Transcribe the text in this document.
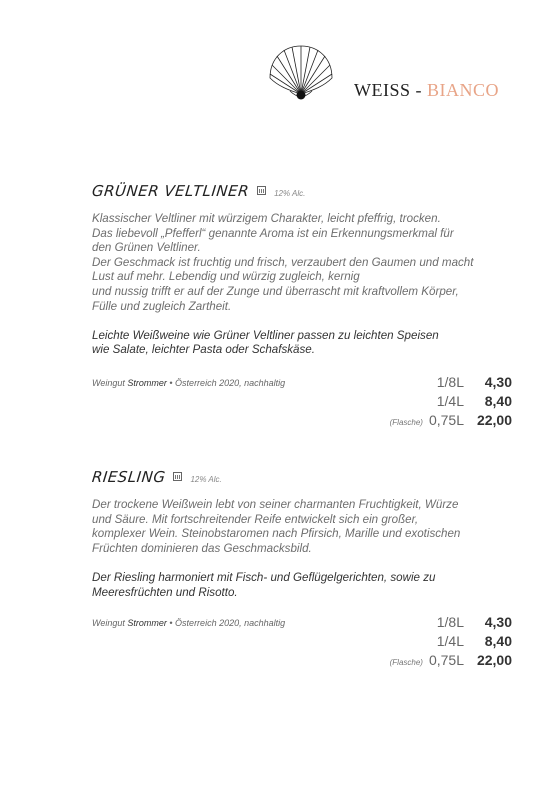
WEISS - BIANCO
GRÜNER VELTLINER	12% Alc.
Klassischer Veltliner mit würzigem Charakter, leicht pfeffrig, trocken.
Das liebevoll „Pfefferl“ genannte Aroma ist ein Erkennungsmerkmal für
den Grünen Veltliner.
Der Geschmack ist fruchtig und frisch, verzaubert den Gaumen und macht
Lust auf mehr. Lebendig und würzig zugleich, kernig
und nussig trifft er auf der Zunge und überrascht mit kraftvollem Körper,
Fülle und zugleich Zartheit.
Leichte Weißweine wie Grüner Veltliner passen zu leichten Speisen
wie Salate, leichter Pasta oder Schafskäse.
Weingut Strommer • Österreich 2020, nachhaltig	1/8L	4,30
1/4L	8,40
(Flasche) 0,75L 22,00
RIESLING	12% Alc.
Der trockene Weißwein lebt von seiner charmanten Fruchtigkeit, Würze
und Säure. Mit fortschreitender Reife entwickelt sich ein großer,
komplexer Wein. Steinobstaromen nach Pfirsich, Marille und exotischen
Früchten dominieren das Geschmacksbild.
Der Riesling harmoniert mit Fisch- und Geflügelgerichten, sowie zu
Meeresfrüchten und Risotto.
Weingut Strommer • Österreich 2020, nachhaltig	1/8L	4,30
1/4L	8,40
(Flasche) 0,75L 22,00
